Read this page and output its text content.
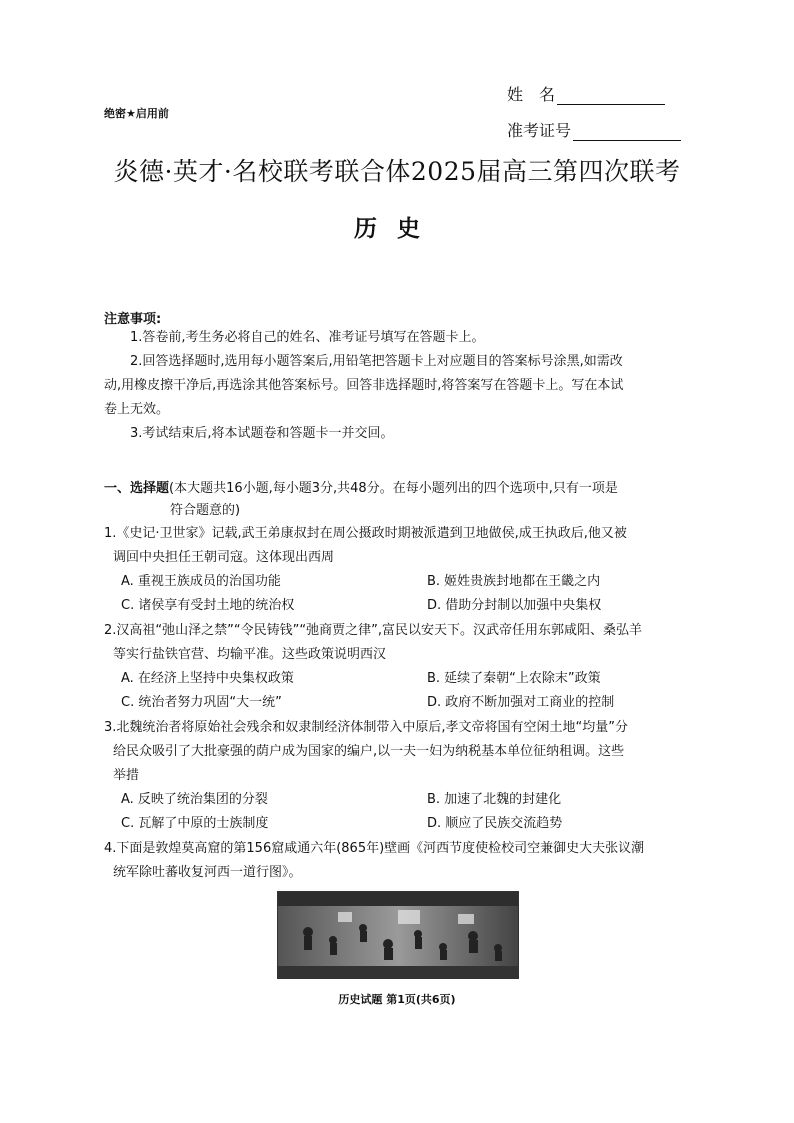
绝密★启用前
姓　名
准考证号
炎德·英才·名校联考联合体2025届高三第四次联考
历史
注意事项:

1.答卷前,考生务必将自己的姓名、准考证号填写在答题卡上。

2.回答选择题时,选用每小题答案后,用铅笔把答题卡上对应题目的答案标号涂黑,如需改

动,用橡皮擦干净后,再选涂其他答案标号。回答非选择题时,将答案写在答题卡上。写在本试

卷上无效。

3.考试结束后,将本试题卷和答题卡一并交回。

一、选择题(本大题共16小题,每小题3分,共48分。在每小题列出的四个选项中,只有一项是
符合题意的)

1.《史记·卫世家》记载,武王弟康叔封在周公摄政时期被派遣到卫地做侯,成王执政后,他又被

调回中央担任王朝司寇。这体现出西周

A. 重视王族成员的治国功能	B. 姬姓贵族封地都在王畿之内
C. 诸侯享有受封土地的统治权	D. 借助分封制以加强中央集权

2.汉高祖“弛山泽之禁”“令民铸钱”“弛商贾之律”,富民以安天下。汉武帝任用东郭咸阳、桑弘羊

等实行盐铁官营、均输平准。这些政策说明西汉

A. 在经济上坚持中央集权政策	B. 延续了秦朝“上农除末”政策
C. 统治者努力巩固“大一统”	D. 政府不断加强对工商业的控制

3.北魏统治者将原始社会残余和奴隶制经济体制带入中原后,孝文帝将国有空闲土地“均量”分

给民众吸引了大批豪强的荫户成为国家的编户,以一夫一妇为纳税基本单位征纳租调。这些

举措

A. 反映了统治集团的分裂	B. 加速了北魏的封建化
C. 瓦解了中原的士族制度	D. 顺应了民族交流趋势

4.下面是敦煌莫高窟的第156窟咸通六年(865年)壁画《河西节度使检校司空兼御史大夫张议潮

统军除吐蕃收复河西一道行图》。

历史试题 第1页(共6页)
